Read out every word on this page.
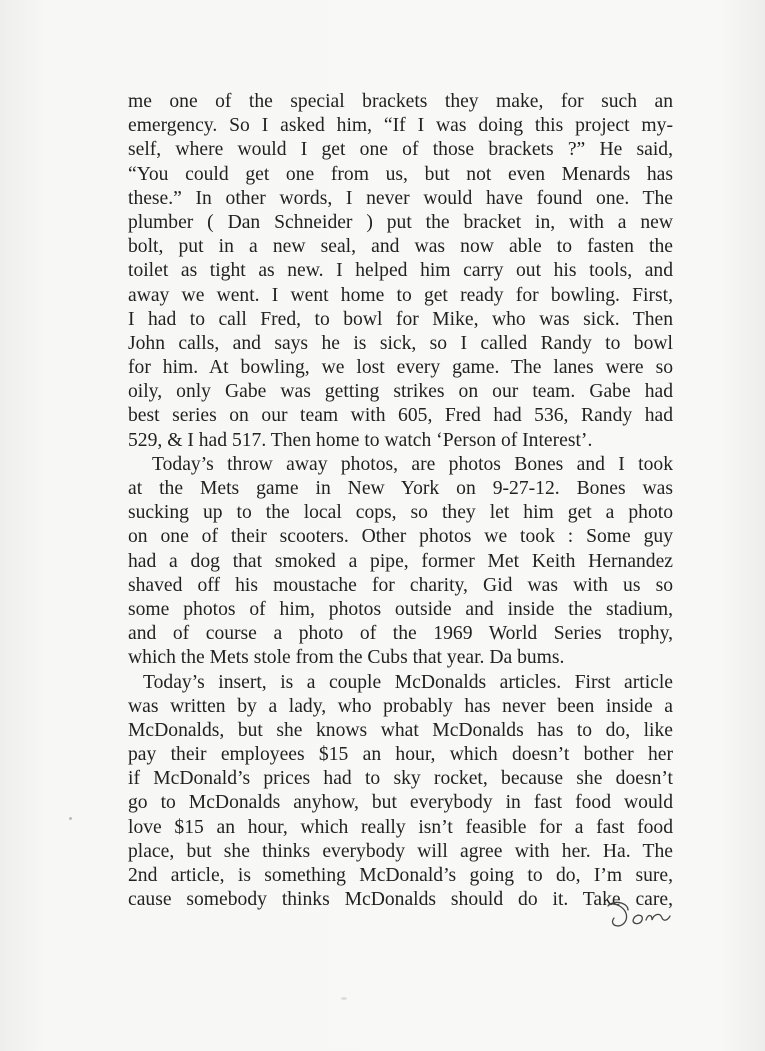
me one of the special brackets they make, for such an
emergency. So I asked him, “If I was doing this project my-
self, where would I get one of those brackets ?” He said,
“You could get one from us, but not even Menards has
these.” In other words, I never would have found one. The
plumber ( Dan Schneider ) put the bracket in, with a new
bolt, put in a new seal, and was now able to fasten the
toilet as tight as new. I helped him carry out his tools, and
away we went. I went home to get ready for bowling. First,
I had to call Fred, to bowl for Mike, who was sick. Then
John calls, and says he is sick, so I called Randy to bowl
for him. At bowling, we lost every game. The lanes were so
oily, only Gabe was getting strikes on our team. Gabe had
best series on our team with 605, Fred had 536, Randy had
529, & I had 517. Then home to watch ‘Person of Interest’.
Today’s throw away photos, are photos Bones and I took
at the Mets game in New York on 9-27-12. Bones was
sucking up to the local cops, so they let him get a photo
on one of their scooters. Other photos we took : Some guy
had a dog that smoked a pipe, former Met Keith Hernandez
shaved off his moustache for charity, Gid was with us so
some photos of him, photos outside and inside the stadium,
and of course a photo of the 1969 World Series trophy,
which the Mets stole from the Cubs that year. Da bums.
Today’s insert, is a couple McDonalds articles. First article
was written by a lady, who probably has never been inside a
McDonalds, but she knows what McDonalds has to do, like
pay their employees $15 an hour, which doesn’t bother her
if McDonald’s prices had to sky rocket, because she doesn’t
go to McDonalds anyhow, but everybody in fast food would
love $15 an hour, which really isn’t feasible for a fast food
place, but she thinks everybody will agree with her. Ha. The
2nd article, is something McDonald’s going to do, I’m sure,
cause somebody thinks McDonalds should do it. Take care,
